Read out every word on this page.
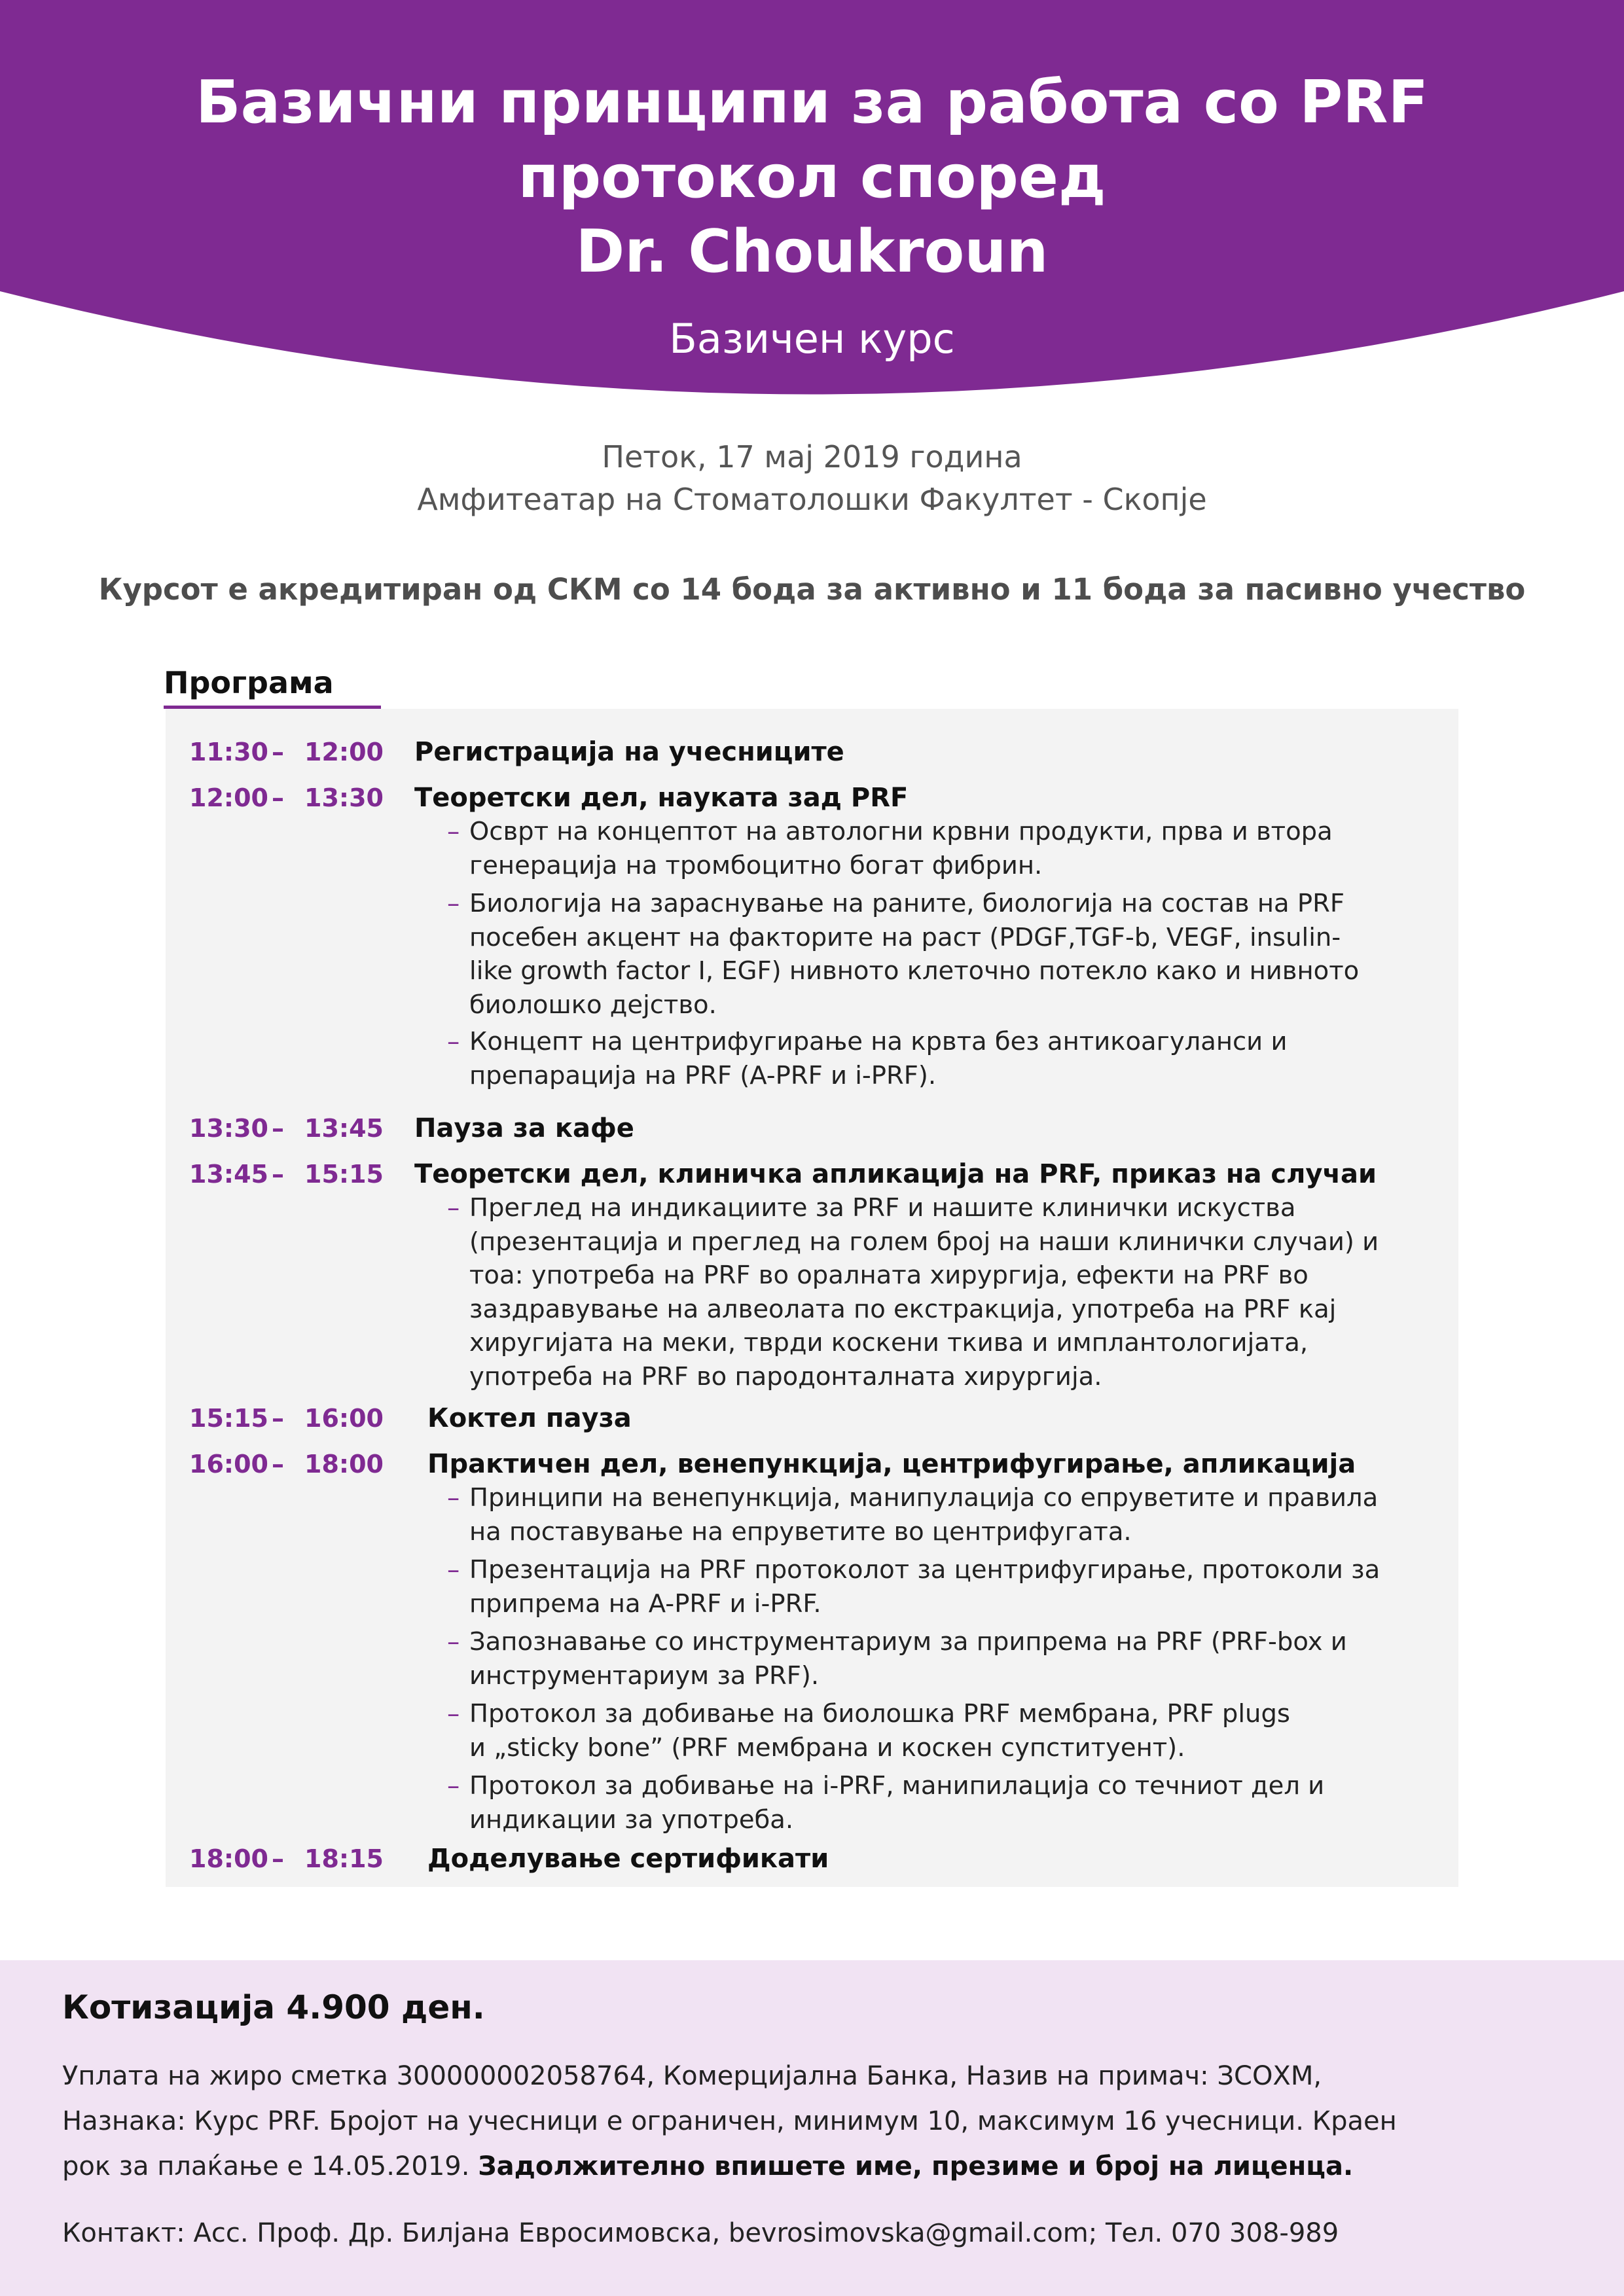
Базични принципи за работа со PRF
протокол според
Dr. Choukroun
Базичен курс
Петок, 17 мај 2019 година
Амфитеатар на Стоматолошки Факултет - Скопје
Курсот е акредитиран од СКМ со 14 бода за активно и 11 бода за пасивно учество
Програма
11:30 – 12:00 Регистрација на учесниците
12:00 – 13:30 Теоретски дел, науката зад PRF
– Осврт на концептот на автологни крвни продукти, прва и втора
генерација на тромбоцитно богат фибрин.
– Биологија на зараснување на раните, биологија на состав на PRF
посебен акцент на факторите на раст (PDGF,TGF-b, VEGF, insulin-
like growth factor I, EGF) нивното клеточно потекло како и нивното
биолошко дејство.
– Концепт на центрифугирање на крвта без антикоагуланси и
препарација на PRF (A-PRF и i-PRF).
13:30 – 13:45 Пауза за кафе
13:45 – 15:15 Теоретски дел, клиничка апликација на PRF, приказ на случаи
– Преглед на индикациите за PRF и нашите клинички искуства
(презентација и преглед на голем број на наши клинички случаи) и
тоа: употреба на PRF во оралната хирургија, ефекти на PRF во
заздравување на алвеолата по екстракција, употреба на PRF кај
хиругијата на меки, тврди коскени ткива и имплантологијата,
употреба на PRF во пародонталната хирургија.
15:15 – 16:00 Коктел пауза
16:00 – 18:00 Практичен дел, венепункција, центрифугирање, апликација
– Принципи на венепункција, манипулација со епруветите и правила
на поставување на епруветите во центрифугата.
– Презентација на PRF протоколот за центрифугирање, протоколи за
припрема на A-PRF и i-PRF.
– Запознавање со инструментариум за припрема на PRF (PRF-box и
инструментариум за PRF).
– Протокол за добивање на биолошка PRF мембрана, PRF plugs
и „sticky bone” (PRF мембрана и коскен супституент).
– Протокол за добивање на i-PRF, манипилација со течниот дел и
индикации за употреба.
18:00 – 18:15 Доделување сертификати
Котизација 4.900 ден.
Уплата на жиро сметка 300000002058764, Комерцијална Банка, Назив на примач: ЗСОХМ,
Назнака: Курс PRF. Бројот на учесници е ограничен, минимум 10, максимум 16 учесници. Краен
рок за плаќање е 14.05.2019. Задолжително впишете име, презиме и број на лиценца.
Контакт: Асс. Проф. Др. Билјана Евросимовска, bevrosimovska@gmail.com; Тел. 070 308-989
